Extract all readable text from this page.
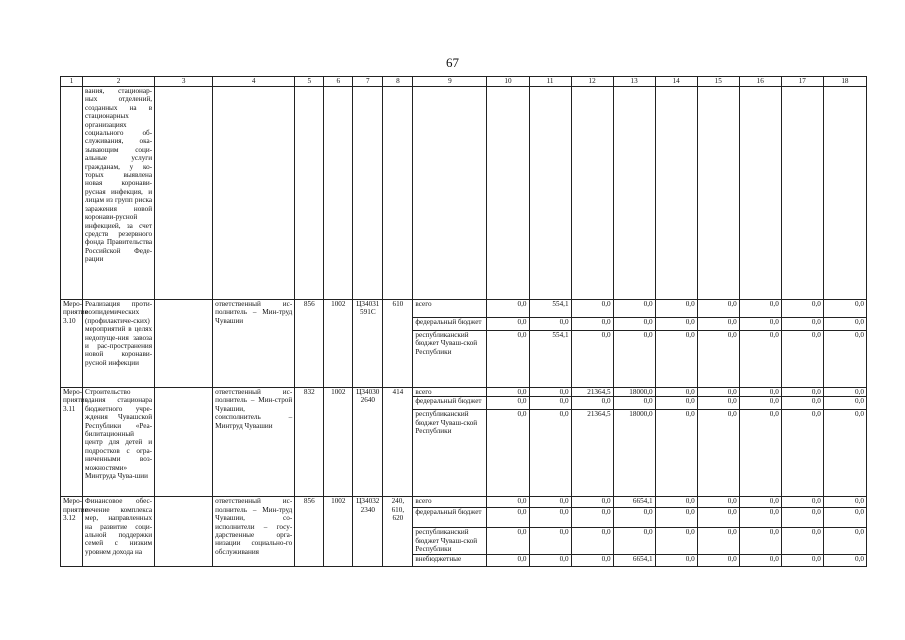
67
1	2	3	4	5	6	7	8	9	10	11	12	13	14	15	16	17	18
	вания, стационар-ных отделений, созданных на в стационарных организациях социального об-служивания, ока-зывающим соци-альные услуги гражданам, у ко-торых выявлена новая коронави-русная инфекция, и лицам из групп риска заражения новой коронави-русной инфекцией, за счет средств резервного фонда Правительства Российской Феде-рации																
Меро-приятие 3.10	Реализация проти-воэпидемических (профилактиче-ских) мероприятий в целях недопуще-ния завоза и рас-пространения новой коронави-русной инфекции		ответственный ис-полнитель – Мин-труд Чувашии	856	1002	Ц34031 591С	610	всего	0,0	554,1	0,0	0,0	0,0	0,0	0,0	0,0	0,0
								федеральный бюджет	0,0	0,0	0,0	0,0	0,0	0,0	0,0	0,0	0,0
								республиканский бюджет Чуваш-ской Республики	0,0	554,1	0,0	0,0	0,0	0,0	0,0	0,0	0,0
Меро-приятие 3.11	Строительство здания стационара бюджетного учре-ждения Чувашской Республики «Реа-билитационный центр для детей и подростков с огра-ниченными воз-можностями» Минтруда Чува-шии		ответственный ис-полнитель – Мин-строй Чувашии, соисполнитель – Минтруд Чувашии	832	1002	Ц34030 2640	414	всего	0,0	0,0	21364,5	18000,0	0,0	0,0	0,0	0,0	0,0
								федеральный бюджет	0,0	0,0	0,0	0,0	0,0	0,0	0,0	0,0	0,0
								республиканский бюджет Чуваш-ской Республики	0,0	0,0	21364,5	18000,0	0,0	0,0	0,0	0,0	0,0
Меро-приятие 3.12	Финансовое обес-печение комплекса мер, направленных на развитие соци-альной поддержки семей с низким уровнем дохода на		ответственный ис-полнитель – Мин-труд Чувашии, со-исполнители – госу-дарственные орга-низации социально-го обслуживания	856	1002	Ц34032 2340	240, 610, 620	всего	0,0	0,0	0,0	6654,1	0,0	0,0	0,0	0,0	0,0
								федеральный бюджет	0,0	0,0	0,0	0,0	0,0	0,0	0,0	0,0	0,0
								республиканский бюджет Чуваш-ской Республики	0,0	0,0	0,0	0,0	0,0	0,0	0,0	0,0	0,0
								внебюджетные	0,0	0,0	0,0	6654,1	0,0	0,0	0,0	0,0	0,0
